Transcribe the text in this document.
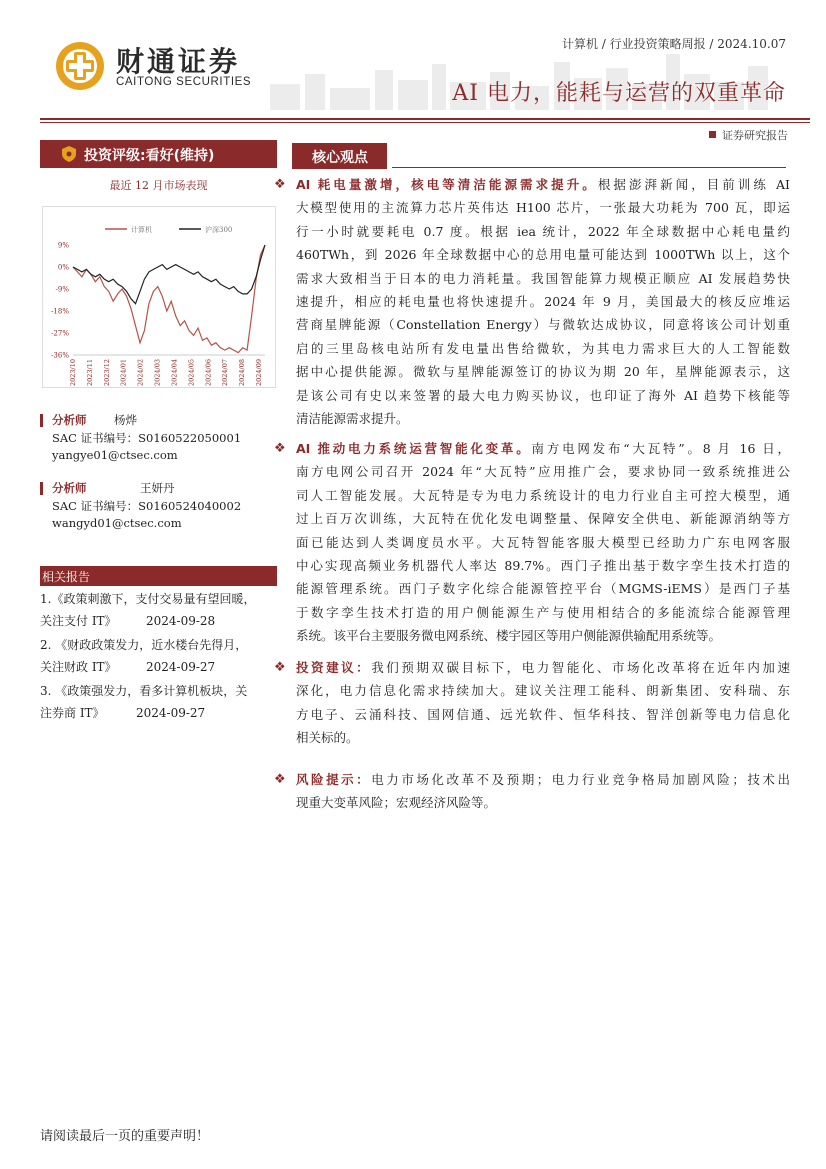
财通证券
CAITONG SECURITIES
计算机 / 行业投资策略周报 / 2024.10.07
AI 电力，能耗与运营的双重革命
证券研究报告
投资评级:看好(维持)
最近 12 月市场表现
计算机	沪深300
9%
0%
-9%
-18%
-27%
-36%
2023/10 2023/11 2023/12 2024/01 2024/02 2024/03 2024/04 2024/05 2024/06 2024/07 2024/08 2024/09
分析师 杨烨
SAC 证书编号：S0160522050001
yangye01@ctsec.com
分析师	王妍丹
SAC 证书编号：S0160524040002
wangyd01@ctsec.com
相关报告
1.《政策刺激下，支付交易量有望回暖，
关注支付 IT》	2024-09-28
2. 《财政政策发力，近水楼台先得月，
关注财政 IT》	2024-09-27
3. 《政策强发力，看多计算机板块，关
注券商 IT》	2024-09-27
核心观点
❖ AI 耗电量激增，核电等清洁能源需求提升。根据澎湃新闻，目前训练 AI
大模型使用的主流算力芯片英伟达 H100 芯片，一张最大功耗为 700 瓦，即运
行一小时就要耗电 0.7 度。根据 iea 统计，2022 年全球数据中心耗电量约
460TWh，到 2026 年全球数据中心的总用电量可能达到 1000TWh 以上，这个
需求大致相当于日本的电力消耗量。我国智能算力规模正顺应 AI 发展趋势快
速提升，相应的耗电量也将快速提升。2024 年 9 月，美国最大的核反应堆运
营商星牌能源（Constellation Energy）与微软达成协议，同意将该公司计划重
启的三里岛核电站所有发电量出售给微软，为其电力需求巨大的人工智能数
据中心提供能源。微软与星牌能源签订的协议为期 20 年，星牌能源表示，这
是该公司有史以来签署的最大电力购买协议，也印证了海外 AI 趋势下核能等
清洁能源需求提升。
❖ AI 推动电力系统运营智能化变革。南方电网发布“大瓦特”。8 月 16 日，
南方电网公司召开 2024 年“大瓦特”应用推广会，要求协同一致系统推进公
司人工智能发展。大瓦特是专为电力系统设计的电力行业自主可控大模型，通
过上百万次训练，大瓦特在优化发电调整量、保障安全供电、新能源消纳等方
面已能达到人类调度员水平。大瓦特智能客服大模型已经助力广东电网客服
中心实现高频业务机器代人率达 89.7%。西门子推出基于数字孪生技术打造的
能源管理系统。西门子数字化综合能源管控平台（MGMS-iEMS）是西门子基
于数字孪生技术打造的用户侧能源生产与使用相结合的多能流综合能源管理
系统。该平台主要服务微电网系统、楼宇园区等用户侧能源供输配用系统等。
❖ 投资建议：我们预期双碳目标下，电力智能化、市场化改革将在近年内加速
深化，电力信息化需求持续加大。建议关注理工能科、朗新集团、安科瑞、东
方电子、云涌科技、国网信通、远光软件、恒华科技、智洋创新等电力信息化
相关标的。
❖ 风险提示：电力市场化改革不及预期；电力行业竞争格局加剧风险；技术出
现重大变革风险；宏观经济风险等。
请阅读最后一页的重要声明！
